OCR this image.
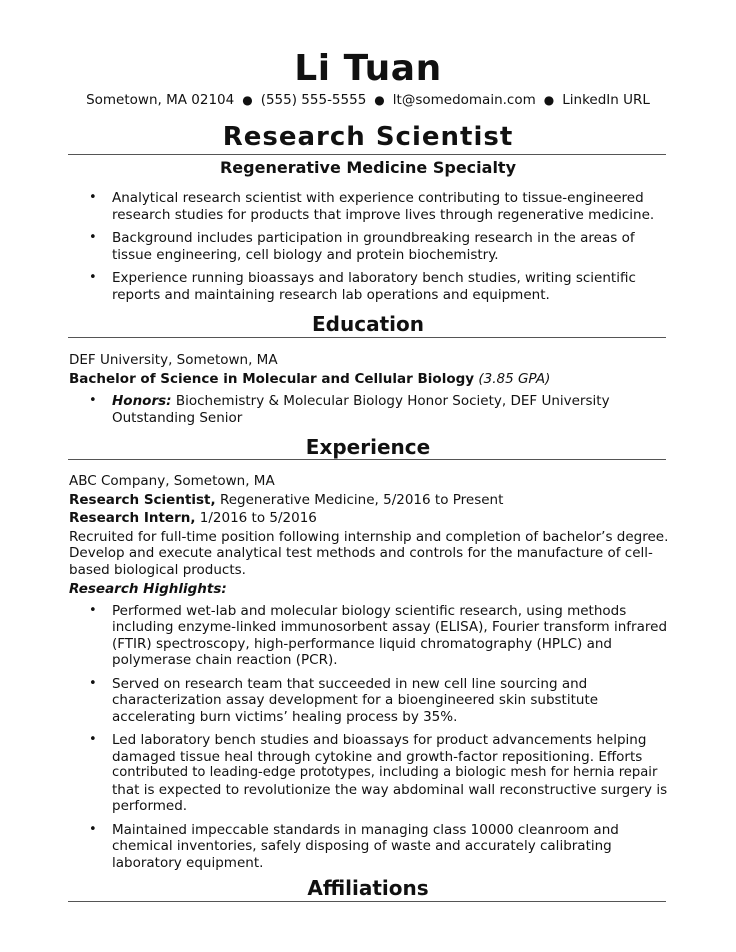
Li Tuan
Sometown, MA 02104 ● (555) 555-5555 ● lt@somedomain.com ● LinkedIn URL
Research Scientist
Regenerative Medicine Specialty
• Analytical research scientist with experience contributing to tissue-engineered
research studies for products that improve lives through regenerative medicine.
• Background includes participation in groundbreaking research in the areas of
tissue engineering, cell biology and protein biochemistry.
• Experience running bioassays and laboratory bench studies, writing scientific
reports and maintaining research lab operations and equipment.
Education
DEF University, Sometown, MA
Bachelor of Science in Molecular and Cellular Biology (3.85 GPA)
• Honors: Biochemistry & Molecular Biology Honor Society, DEF University
Outstanding Senior
Experience
ABC Company, Sometown, MA
Research Scientist, Regenerative Medicine, 5/2016 to Present
Research Intern, 1/2016 to 5/2016
Recruited for full-time position following internship and completion of bachelor’s degree.
Develop and execute analytical test methods and controls for the manufacture of cell-
based biological products.
Research Highlights:
• Performed wet-lab and molecular biology scientific research, using methods
including enzyme-linked immunosorbent assay (ELISA), Fourier transform infrared
(FTIR) spectroscopy, high-performance liquid chromatography (HPLC) and
polymerase chain reaction (PCR).
• Served on research team that succeeded in new cell line sourcing and
characterization assay development for a bioengineered skin substitute
accelerating burn victims’ healing process by 35%.
• Led laboratory bench studies and bioassays for product advancements helping
damaged tissue heal through cytokine and growth-factor repositioning. Efforts
contributed to leading-edge prototypes, including a biologic mesh for hernia repair
that is expected to revolutionize the way abdominal wall reconstructive surgery is
performed.
• Maintained impeccable standards in managing class 10000 cleanroom and
chemical inventories, safely disposing of waste and accurately calibrating
laboratory equipment.
Affiliations
